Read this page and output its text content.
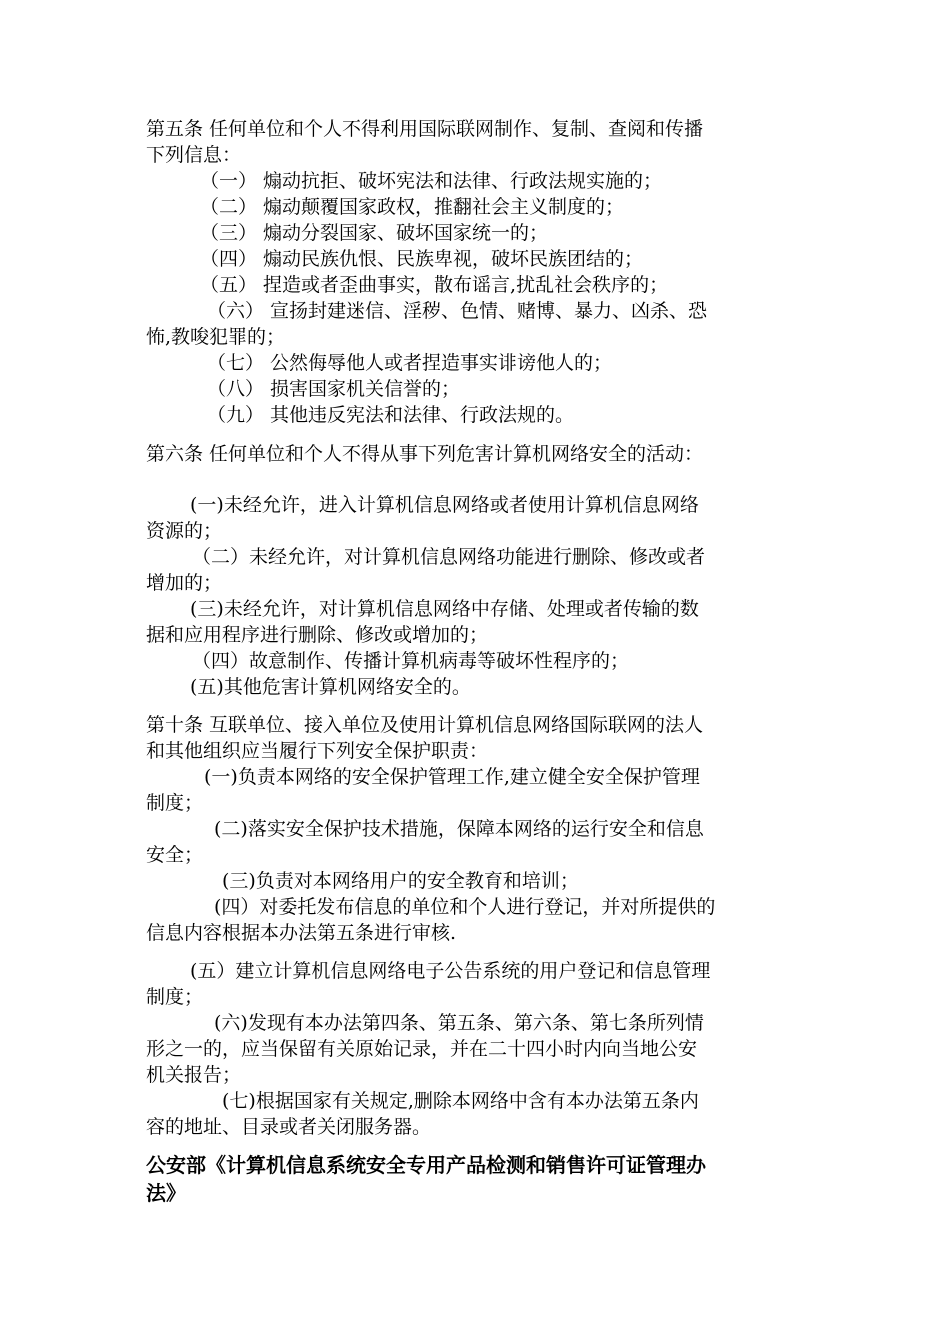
第五条 任何单位和个人不得利用国际联网制作、复制、查阅和传播
下列信息：
（一） 煽动抗拒、破坏宪法和法律、行政法规实施的；
（二） 煽动颠覆国家政权，推翻社会主义制度的；
（三） 煽动分裂国家、破坏国家统一的；
（四） 煽动民族仇恨、民族卑视，破坏民族团结的；
（五） 捏造或者歪曲事实，散布谣言,扰乱社会秩序的；
（六） 宣扬封建迷信、淫秽、色情、赌博、暴力、凶杀、恐
怖,教唆犯罪的；
（七） 公然侮辱他人或者捏造事实诽谤他人的；
（八） 损害国家机关信誉的；
（九） 其他违反宪法和法律、行政法规的。
第六条 任何单位和个人不得从事下列危害计算机网络安全的活动：
(一)未经允许，进入计算机信息网络或者使用计算机信息网络
资源的；
（二）未经允许，对计算机信息网络功能进行删除、修改或者
增加的；
(三)未经允许，对计算机信息网络中存储、处理或者传输的数
据和应用程序进行删除、修改或增加的；
（四）故意制作、传播计算机病毒等破坏性程序的；
(五)其他危害计算机网络安全的。
第十条 互联单位、接入单位及使用计算机信息网络国际联网的法人
和其他组织应当履行下列安全保护职责：
(一)负责本网络的安全保护管理工作,建立健全安全保护管理
制度；
(二)落实安全保护技术措施，保障本网络的运行安全和信息
安全；
(三)负责对本网络用户的安全教育和培训；
(四）对委托发布信息的单位和个人进行登记，并对所提供的
信息内容根据本办法第五条进行审核.
(五）建立计算机信息网络电子公告系统的用户登记和信息管理
制度；
(六)发现有本办法第四条、第五条、第六条、第七条所列情
形之一的，应当保留有关原始记录，并在二十四小时内向当地公安
机关报告；
(七)根据国家有关规定,删除本网络中含有本办法第五条内
容的地址、目录或者关闭服务器。
公安部《计算机信息系统安全专用产品检测和销售许可证管理办
法》
